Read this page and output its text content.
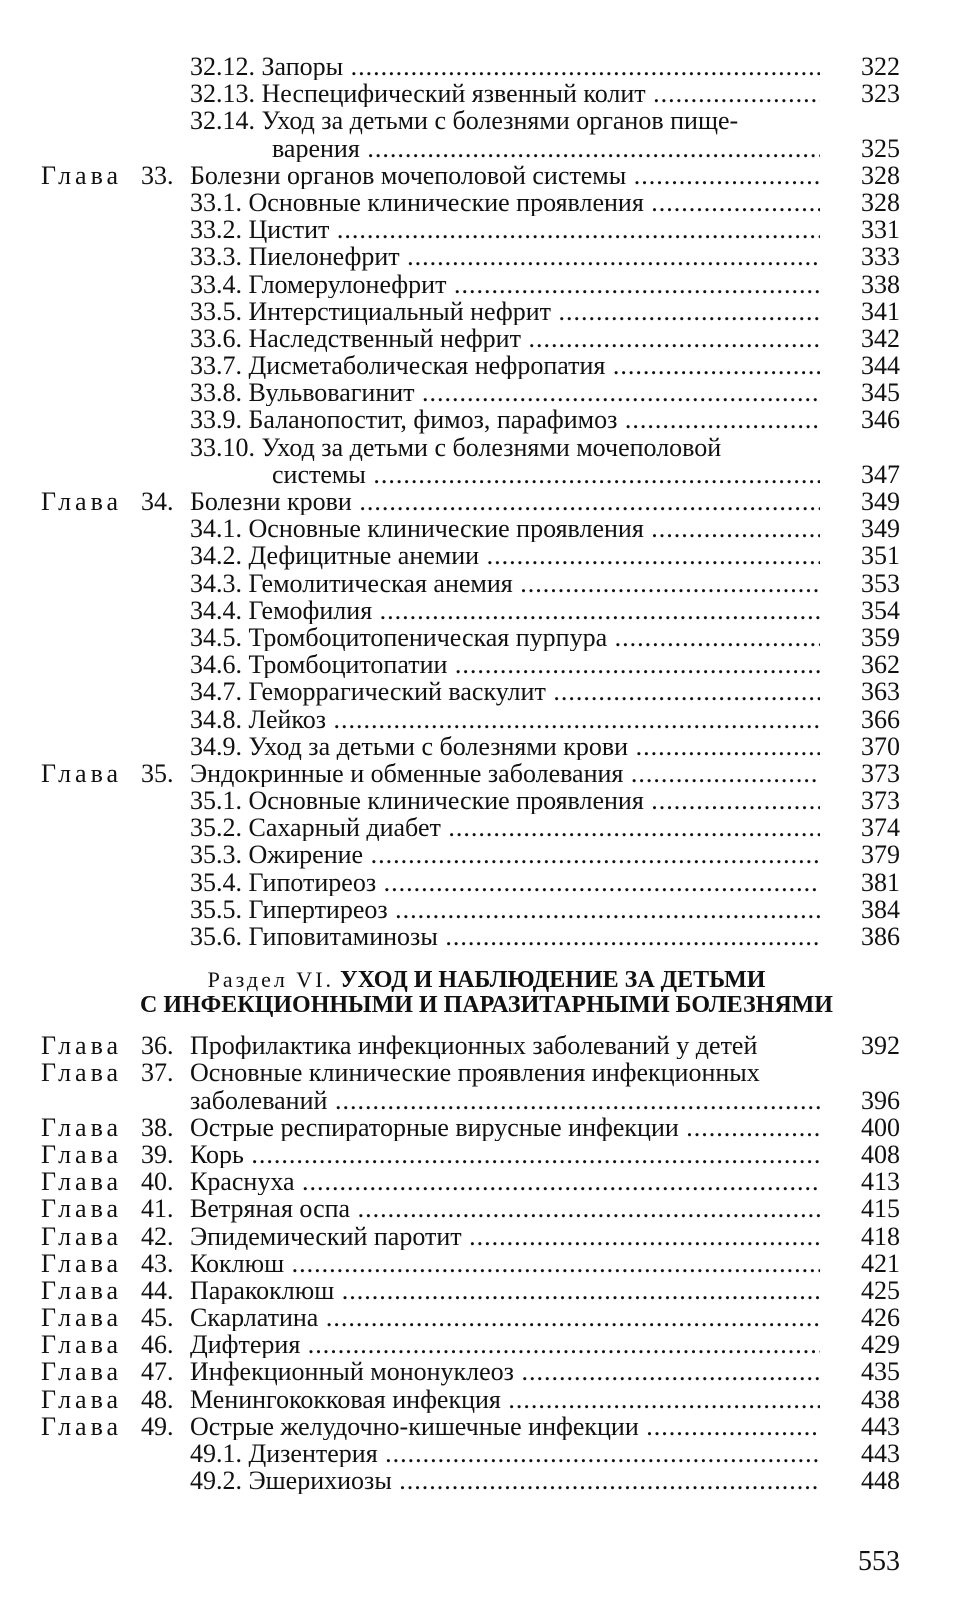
32.12. Запоры .....	322
32.13. Неспецифический язвенный колит .....	323
32.14. Уход за детьми с болезнями органов пище-
варения .....	325
Глава 33. Болезни органов мочеполовой системы .....	328
33.1. Основные клинические проявления .....	328
33.2. Цистит .....	331
33.3. Пиелонефрит .....	333
33.4. Гломерулонефрит .....	338
33.5. Интерстициальный нефрит .....	341
33.6. Наследственный нефрит .....	342
33.7. Дисметаболическая нефропатия .....	344
33.8. Вульвовагинит .....	345
33.9. Баланопостит, фимоз, парафимоз .....	346
33.10. Уход за детьми с болезнями мочеполовой
системы .....	347
Глава 34. Болезни крови .....	349
34.1. Основные клинические проявления .....	349
34.2. Дефицитные анемии .....	351
34.3. Гемолитическая анемия .....	353
34.4. Гемофилия .....	354
34.5. Тромбоцитопеническая пурпура .....	359
34.6. Тромбоцитопатии .....	362
34.7. Геморрагический васкулит .....	363
34.8. Лейкоз .....	366
34.9. Уход за детьми с болезнями крови .....	370
Глава 35. Эндокринные и обменные заболевания .....	373
35.1. Основные клинические проявления .....	373
35.2. Сахарный диабет .....	374
35.3. Ожирение .....	379
35.4. Гипотиреоз .....	381
35.5. Гипертиреоз .....	384
35.6. Гиповитаминозы .....	386
Раздел VI. УХОД И НАБЛЮДЕНИЕ ЗА ДЕТЬМИ
С ИНФЕКЦИОННЫМИ И ПАРАЗИТАРНЫМИ БОЛЕЗНЯМИ
Глава 36. Профилактика инфекционных заболеваний у детей	392
Глава 37. Основные клинические проявления инфекционных
заболеваний .....	396
Глава 38. Острые респираторные вирусные инфекции .....	400
Глава 39. Корь .....	408
Глава 40. Краснуха .....	413
Глава 41. Ветряная оспа .....	415
Глава 42. Эпидемический паротит .....	418
Глава 43. Коклюш .....	421
Глава 44. Паракоклюш .....	425
Глава 45. Скарлатина .....	426
Глава 46. Дифтерия .....	429
Глава 47. Инфекционный мононуклеоз .....	435
Глава 48. Менингококковая инфекция .....	438
Глава 49. Острые желудочно-кишечные инфекции .....	443
49.1. Дизентерия .....	443
49.2. Эшерихиозы .....	448
553
